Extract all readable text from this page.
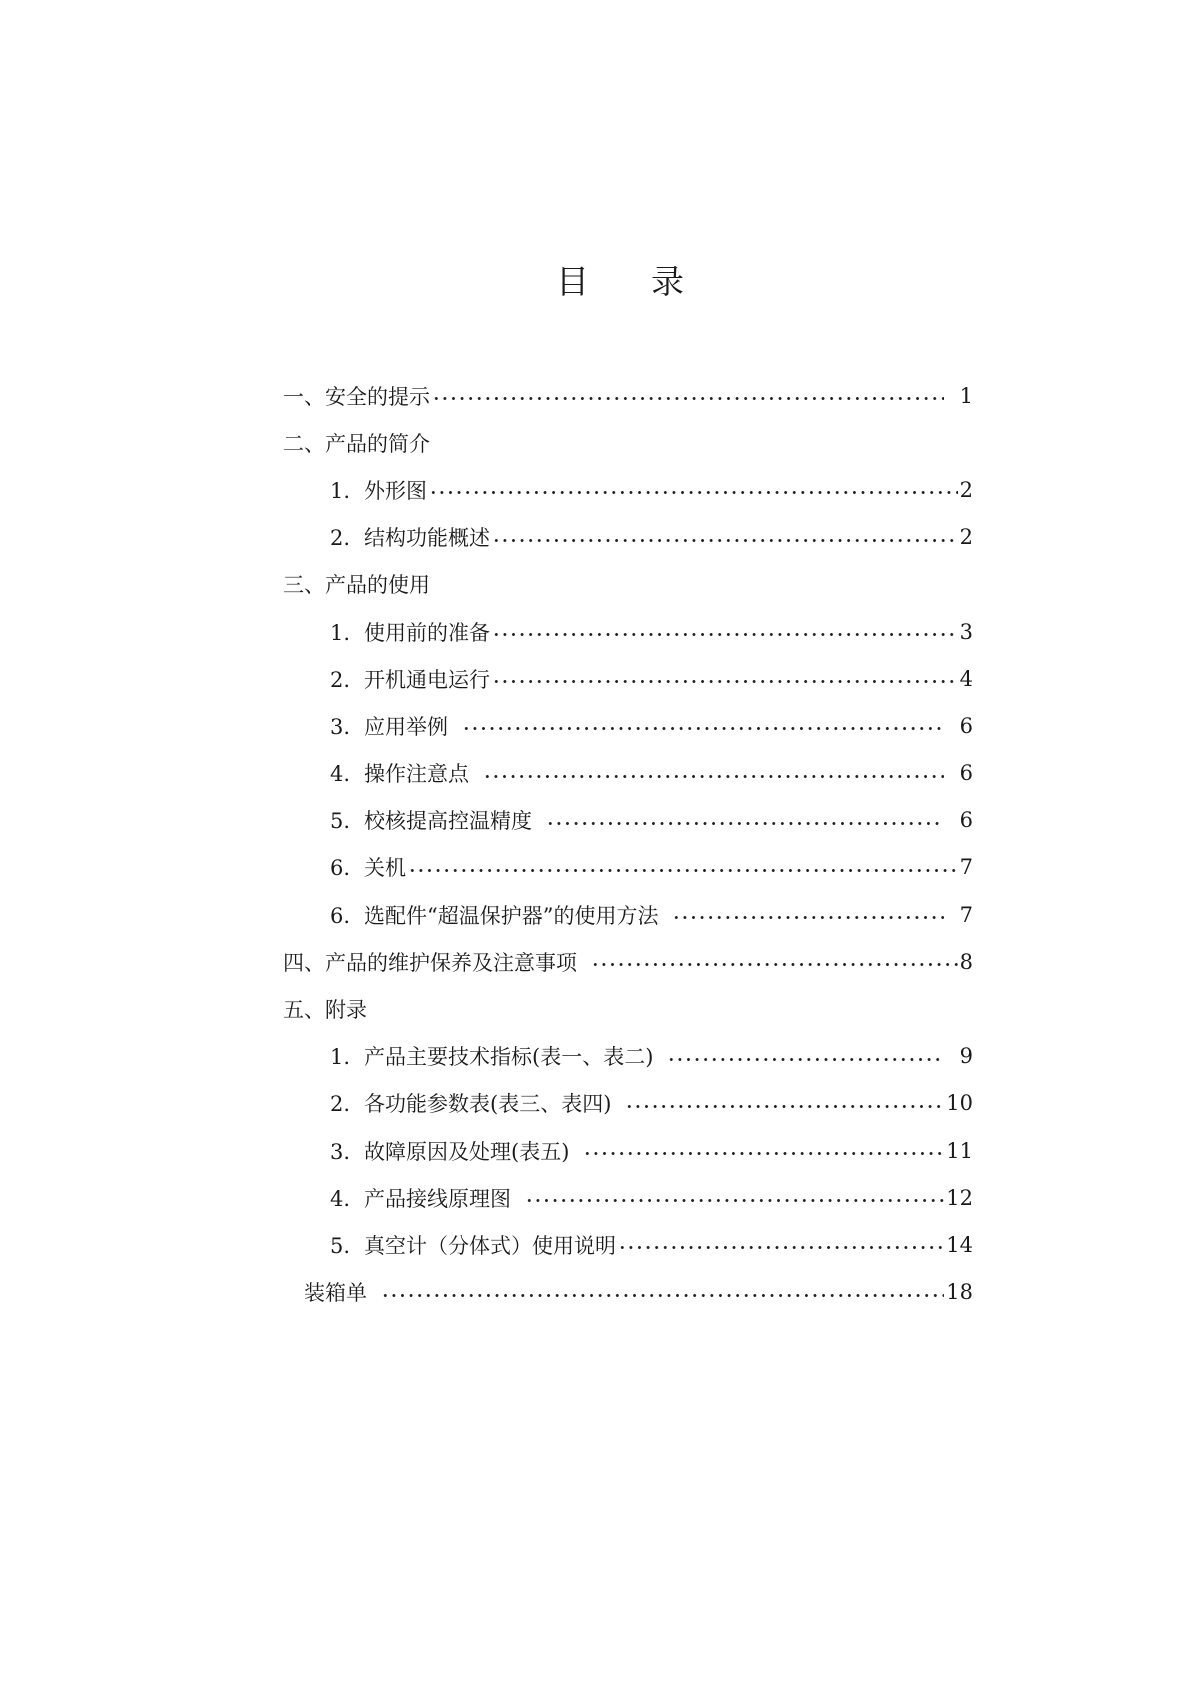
目 录
一、安全的提示	1
二、产品的简介
1. 外形图	2
2. 结构功能概述	2
三、产品的使用
1. 使用前的准备	3
2. 开机通电运行	4
3. 应用举例	6
4. 操作注意点	6
5. 校核提高控温精度	6
6. 关机	7
6. 选配件“超温保护器”的使用方法	7
四、产品的维护保养及注意事项	8
五、附录
1. 产品主要技术指标(表一、表二)	9
2. 各功能参数表(表三、表四)	10
3. 故障原因及处理(表五)	11
4. 产品接线原理图	12
5. 真空计（分体式）使用说明	14
装箱单	18
